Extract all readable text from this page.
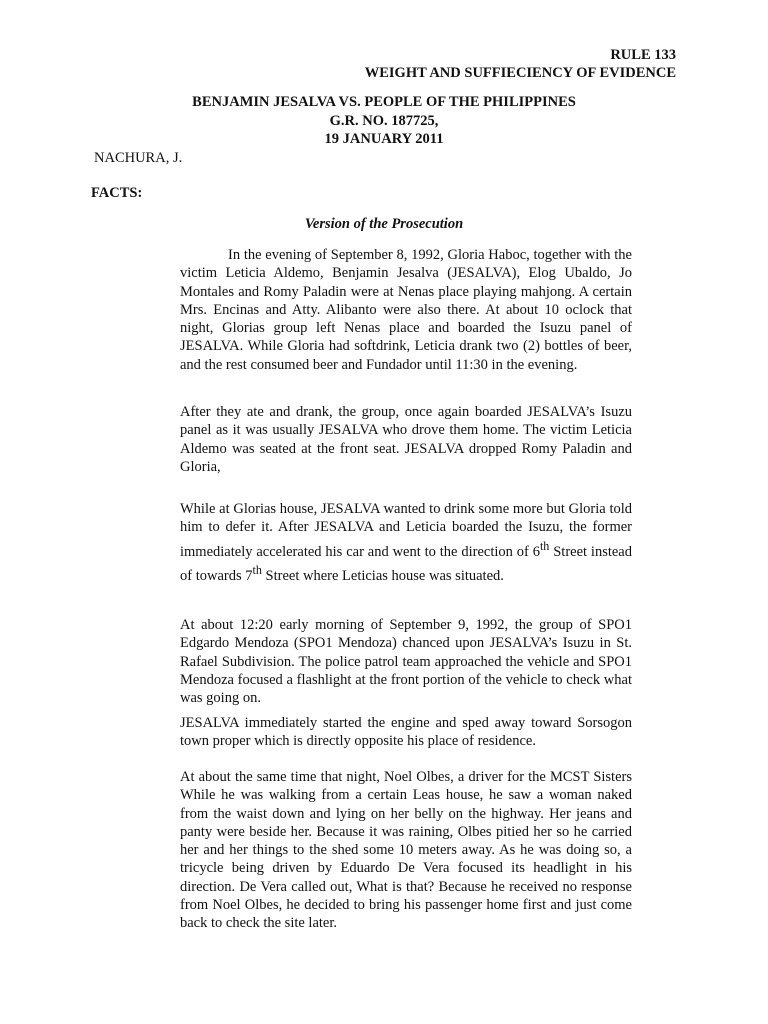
RULE 133
WEIGHT AND SUFFIECIENCY OF EVIDENCE
BENJAMIN JESALVA VS. PEOPLE OF THE PHILIPPINES
G.R. NO. 187725,
19 JANUARY 2011
NACHURA, J.
FACTS:
Version of the Prosecution

In the evening of September 8, 1992, Gloria Haboc, together with the victim Leticia Aldemo, Benjamin Jesalva (JESALVA), Elog Ubaldo, Jo Montales and Romy Paladin were at Nenas place playing mahjong. A certain Mrs. Encinas and Atty. Alibanto were also there. At about 10 oclock that night, Glorias group left Nenas place and boarded the Isuzu panel of JESALVA. While Gloria had softdrink, Leticia drank two (2) bottles of beer, and the rest consumed beer and Fundador until 11:30 in the evening.

After they ate and drank, the group, once again boarded JESALVA’s Isuzu panel as it was usually JESALVA who drove them home. The victim Leticia Aldemo was seated at the front seat. JESALVA dropped Romy Paladin and Gloria,

While at Glorias house, JESALVA wanted to drink some more but Gloria told him to defer it. After JESALVA and Leticia boarded the Isuzu, the former immediately accelerated his car and went to the direction of 6th Street instead of towards 7th Street where Leticias house was situated.

At about 12:20 early morning of September 9, 1992, the group of SPO1 Edgardo Mendoza (SPO1 Mendoza) chanced upon JESALVA’s Isuzu in St. Rafael Subdivision. The police patrol team approached the vehicle and SPO1 Mendoza focused a flashlight at the front portion of the vehicle to check what was going on.

JESALVA immediately started the engine and sped away toward Sorsogon town proper which is directly opposite his place of residence.

At about the same time that night, Noel Olbes, a driver for the MCST Sisters While he was walking from a certain Leas house, he saw a woman naked from the waist down and lying on her belly on the highway. Her jeans and panty were beside her. Because it was raining, Olbes pitied her so he carried her and her things to the shed some 10 meters away. As he was doing so, a tricycle being driven by Eduardo De Vera focused its headlight in his direction. De Vera called out, What is that? Because he received no response from Noel Olbes, he decided to bring his passenger home first and just come back to check the site later.
